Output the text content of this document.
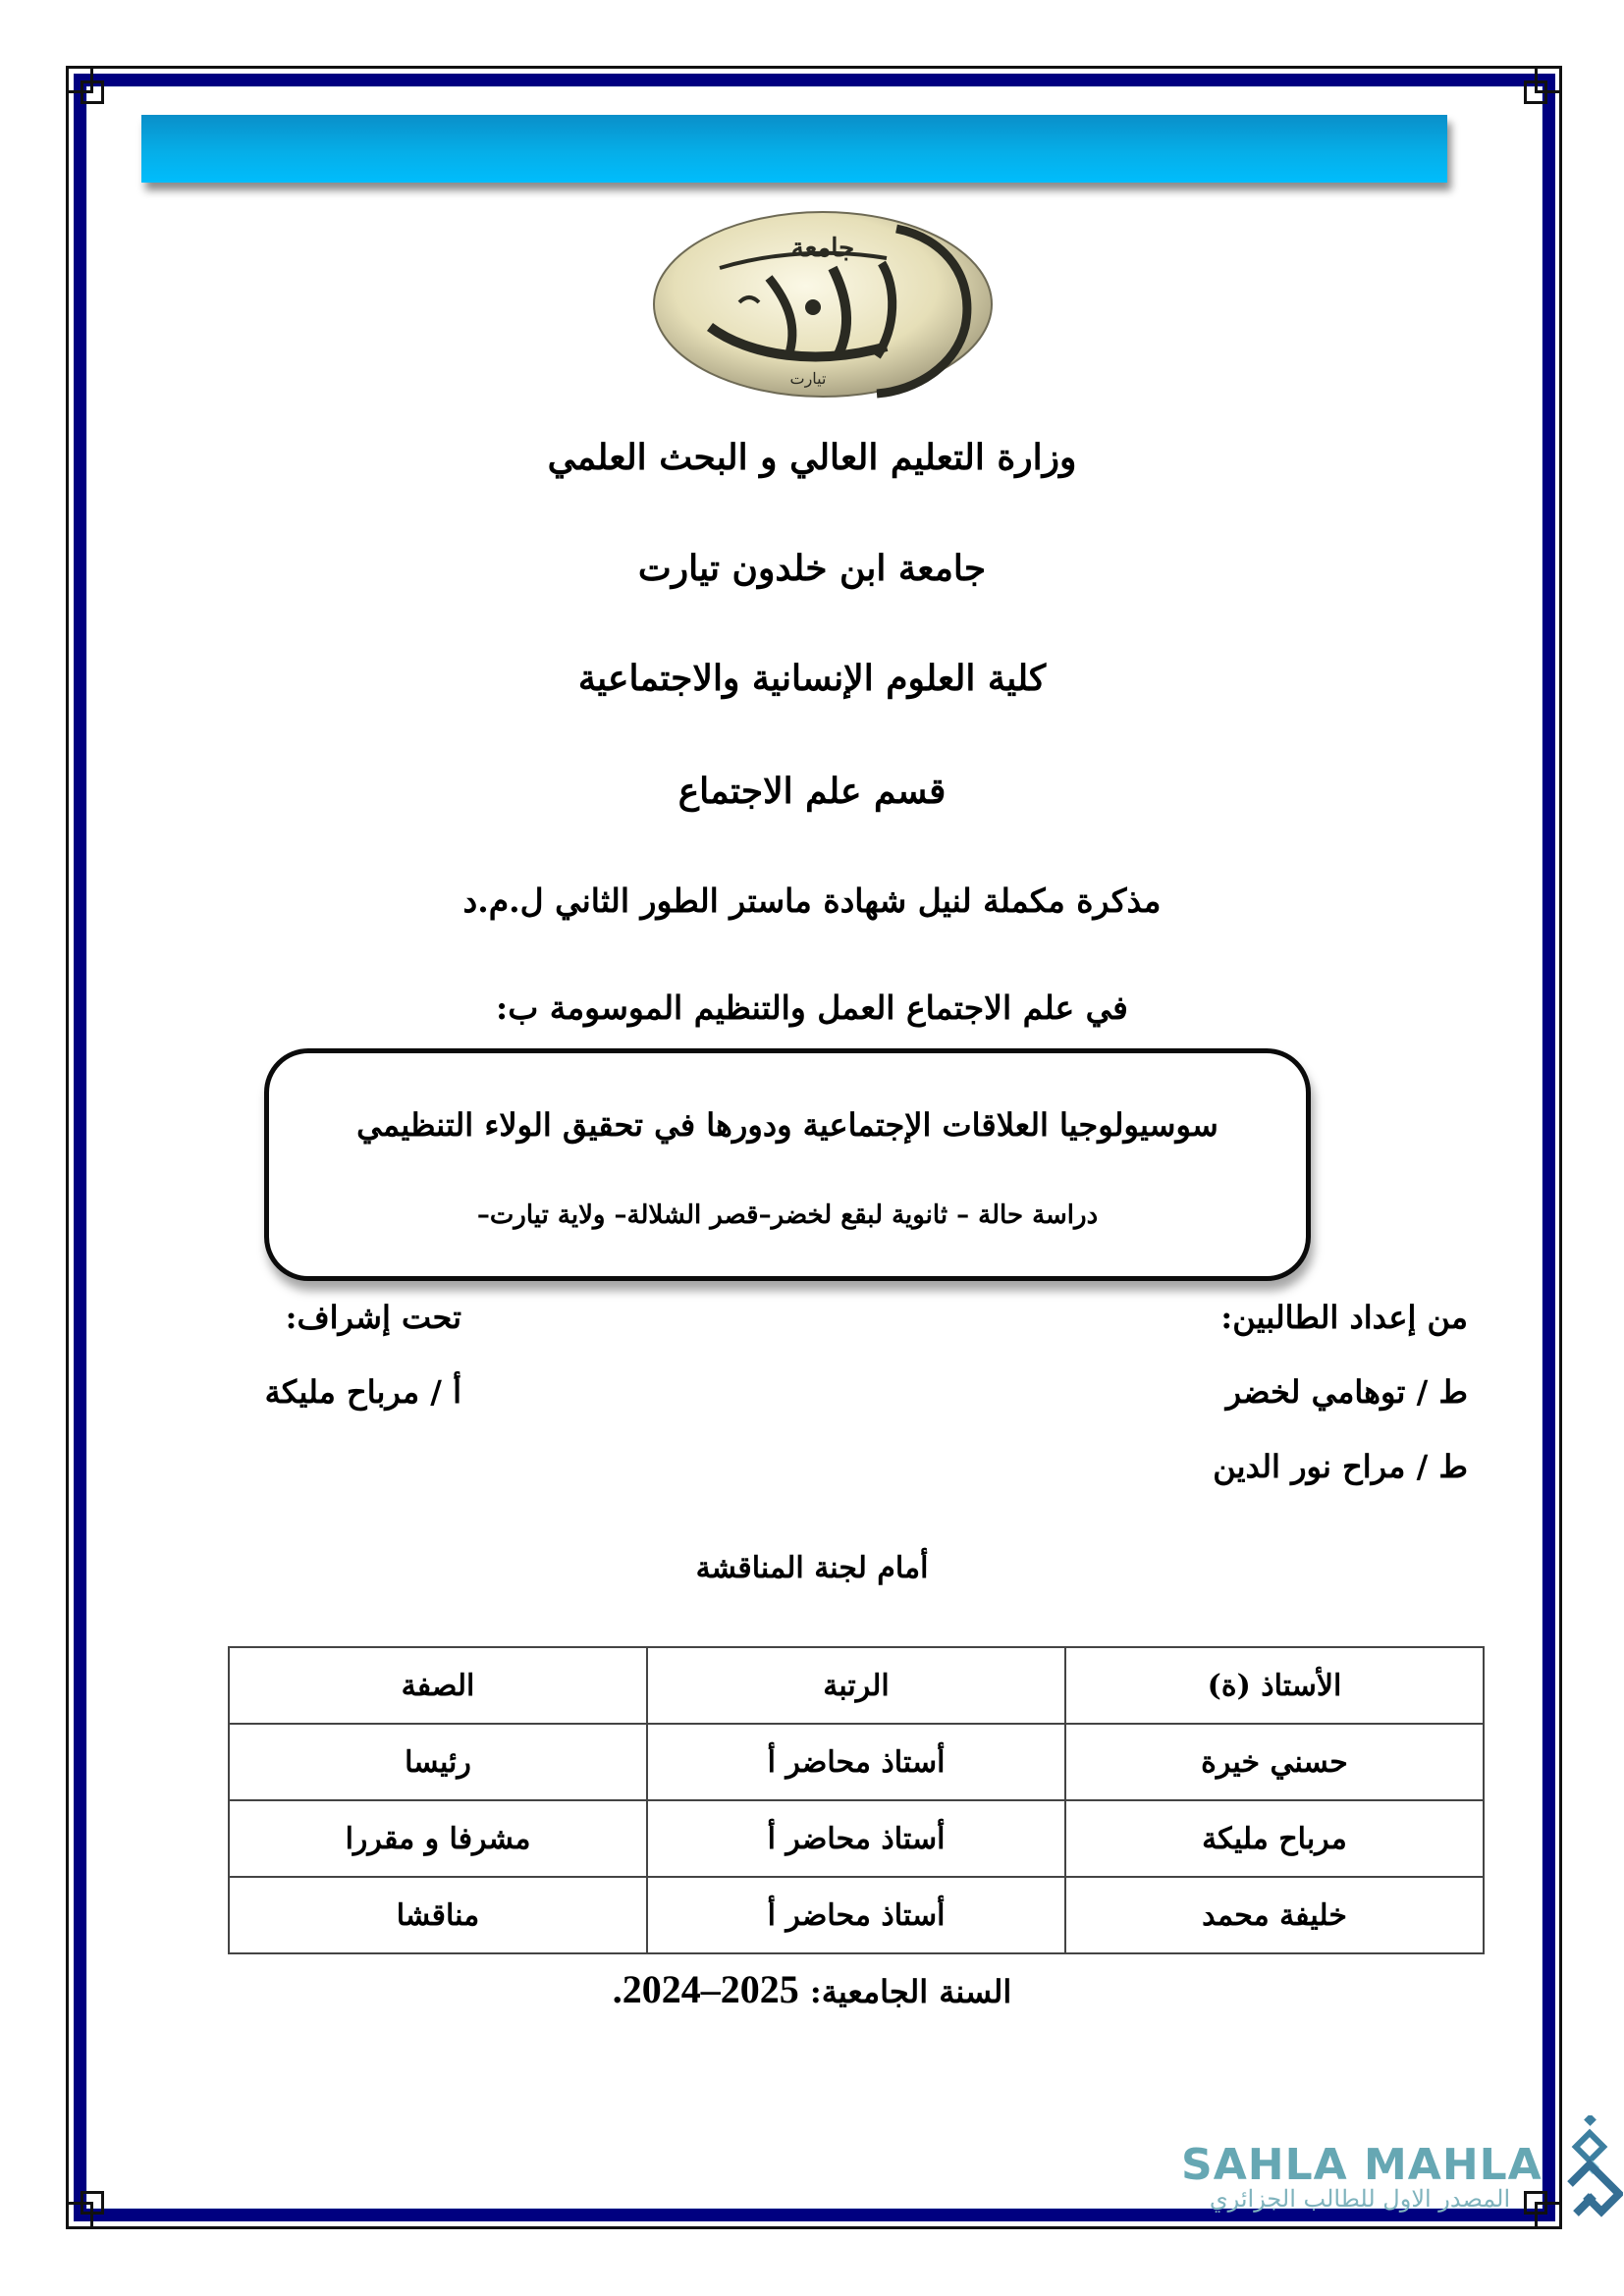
جامعة
تيارت
وزارة التعليم العالي و البحث العلمي
جامعة ابن خلدون تيارت
كلية العلوم الإنسانية والاجتماعية
قسم علم الاجتماع
مذكرة مكملة لنيل شهادة ماستر الطور الثاني ل.م.د
في علم الاجتماع العمل والتنظيم الموسومة ب:
سوسيولوجيا العلاقات الإجتماعية ودورها في تحقيق الولاء التنظيمي
دراسة حالة – ثانوية لبقع لخضر–قصر الشلالة– ولاية تيارت–
من إعداد الطالبين:
ط / توهامي لخضر
ط / مراح نور الدين
تحت إشراف:
أ / مرباح مليكة
أمام لجنة المناقشة
الأستاذ (ة)	الرتبة	الصفة
حسني خيرة	أستاذ محاضر أ	رئيسا
مرباح مليكة	أستاذ محاضر أ	مشرفا و مقررا
خليفة محمد	أستاذ محاضر أ	مناقشا
السنة الجامعية: 2024–2025.
SAHLA MAHLA
المصدر الاول للطالب الجزائري
